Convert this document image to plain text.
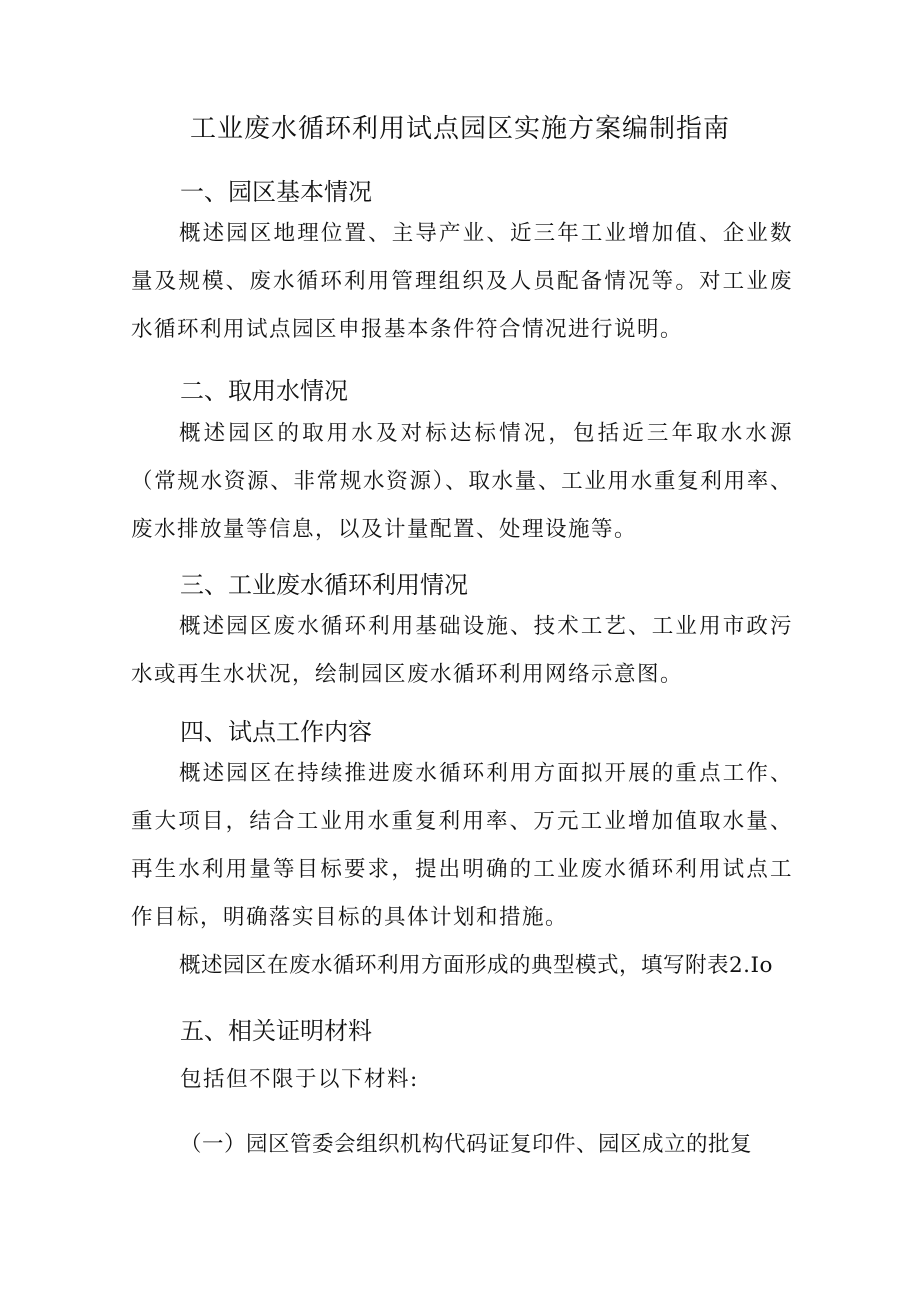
工业废水循环利用试点园区实施方案编制指南
一、园区基本情况
概述园区地理位置、主导产业、近三年工业增加值、企业数量及规模、废水循环利用管理组织及人员配备情况等。对工业废水循环利用试点园区申报基本条件符合情况进行说明。
二、取用水情况
概述园区的取用水及对标达标情况，包括近三年取水水源（常规水资源、非常规水资源）、取水量、工业用水重复利用率、废水排放量等信息，以及计量配置、处理设施等。
三、工业废水循环利用情况
概述园区废水循环利用基础设施、技术工艺、工业用市政污水或再生水状况，绘制园区废水循环利用网络示意图。
四、试点工作内容
概述园区在持续推进废水循环利用方面拟开展的重点工作、重大项目，结合工业用水重复利用率、万元工业增加值取水量、再生水利用量等目标要求，提出明确的工业废水循环利用试点工作目标，明确落实目标的具体计划和措施。
概述园区在废水循环利用方面形成的典型模式，填写附表2.Io
五、相关证明材料
包括但不限于以下材料:
（一）园区管委会组织机构代码证复印件、园区成立的批复
